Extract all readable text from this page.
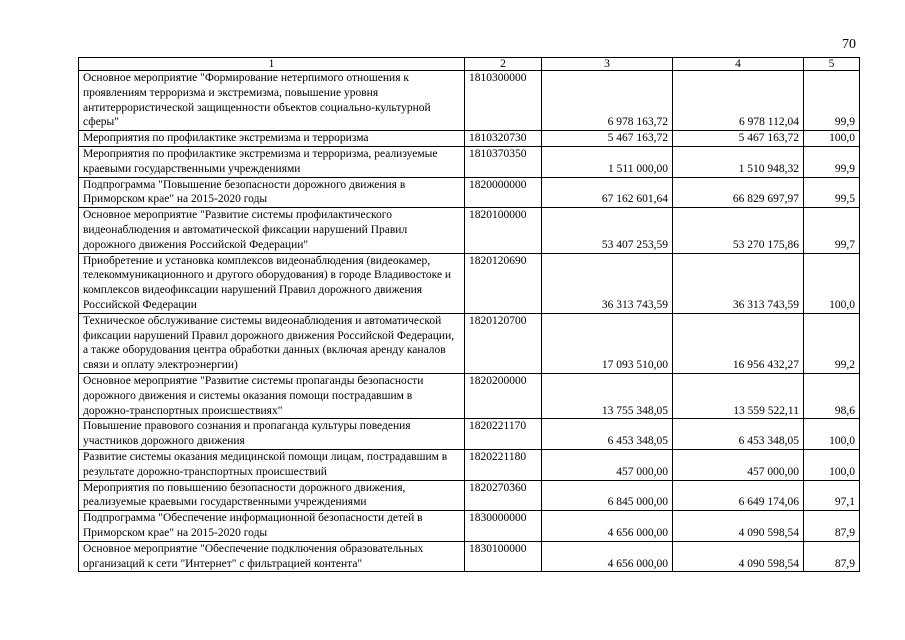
70
1	2	3	4	5
Основное мероприятие "Формирование нетерпимого отношения к проявлениям терроризма и экстремизма, повышение уровня антитеррористической защищенности объектов социально-культурной сферы"	1810300000	6 978 163,72	6 978 112,04	99,9
Мероприятия по профилактике экстремизма и терроризма	1810320730	5 467 163,72	5 467 163,72	100,0
Мероприятия по профилактике экстремизма и терроризма, реализуемые краевыми государственными учреждениями	1810370350	1 511 000,00	1 510 948,32	99,9
Подпрограмма "Повышение безопасности дорожного движения в Приморском крае" на 2015-2020 годы	1820000000	67 162 601,64	66 829 697,97	99,5
Основное мероприятие "Развитие системы профилактического видеонаблюдения и автоматической фиксации нарушений Правил дорожного движения Российской Федерации"	1820100000	53 407 253,59	53 270 175,86	99,7
Приобретение и установка комплексов видеонаблюдения (видеокамер, телекоммуникационного и другого оборудования) в городе Владивостоке и комплексов видеофиксации нарушений Правил дорожного движения Российской Федерации	1820120690	36 313 743,59	36 313 743,59	100,0
Техническое обслуживание системы видеонаблюдения и автоматической фиксации нарушений Правил дорожного движения Российской Федерации, а также оборудования центра обработки данных (включая аренду каналов связи и оплату электроэнергии)	1820120700	17 093 510,00	16 956 432,27	99,2
Основное мероприятие "Развитие системы пропаганды безопасности дорожного движения и системы оказания помощи пострадавшим в дорожно-транспортных происшествиях"	1820200000	13 755 348,05	13 559 522,11	98,6
Повышение правового сознания и пропаганда культуры поведения участников дорожного движения	1820221170	6 453 348,05	6 453 348,05	100,0
Развитие системы оказания медицинской помощи лицам, пострадавшим в результате дорожно-транспортных происшествий	1820221180	457 000,00	457 000,00	100,0
Мероприятия по повышению безопасности дорожного движения, реализуемые краевыми государственными учреждениями	1820270360	6 845 000,00	6 649 174,06	97,1
Подпрограмма "Обеспечение информационной безопасности детей в Приморском крае" на 2015-2020 годы	1830000000	4 656 000,00	4 090 598,54	87,9
Основное мероприятие "Обеспечение подключения образовательных организаций к сети "Интернет" с фильтрацией контента"	1830100000	4 656 000,00	4 090 598,54	87,9
